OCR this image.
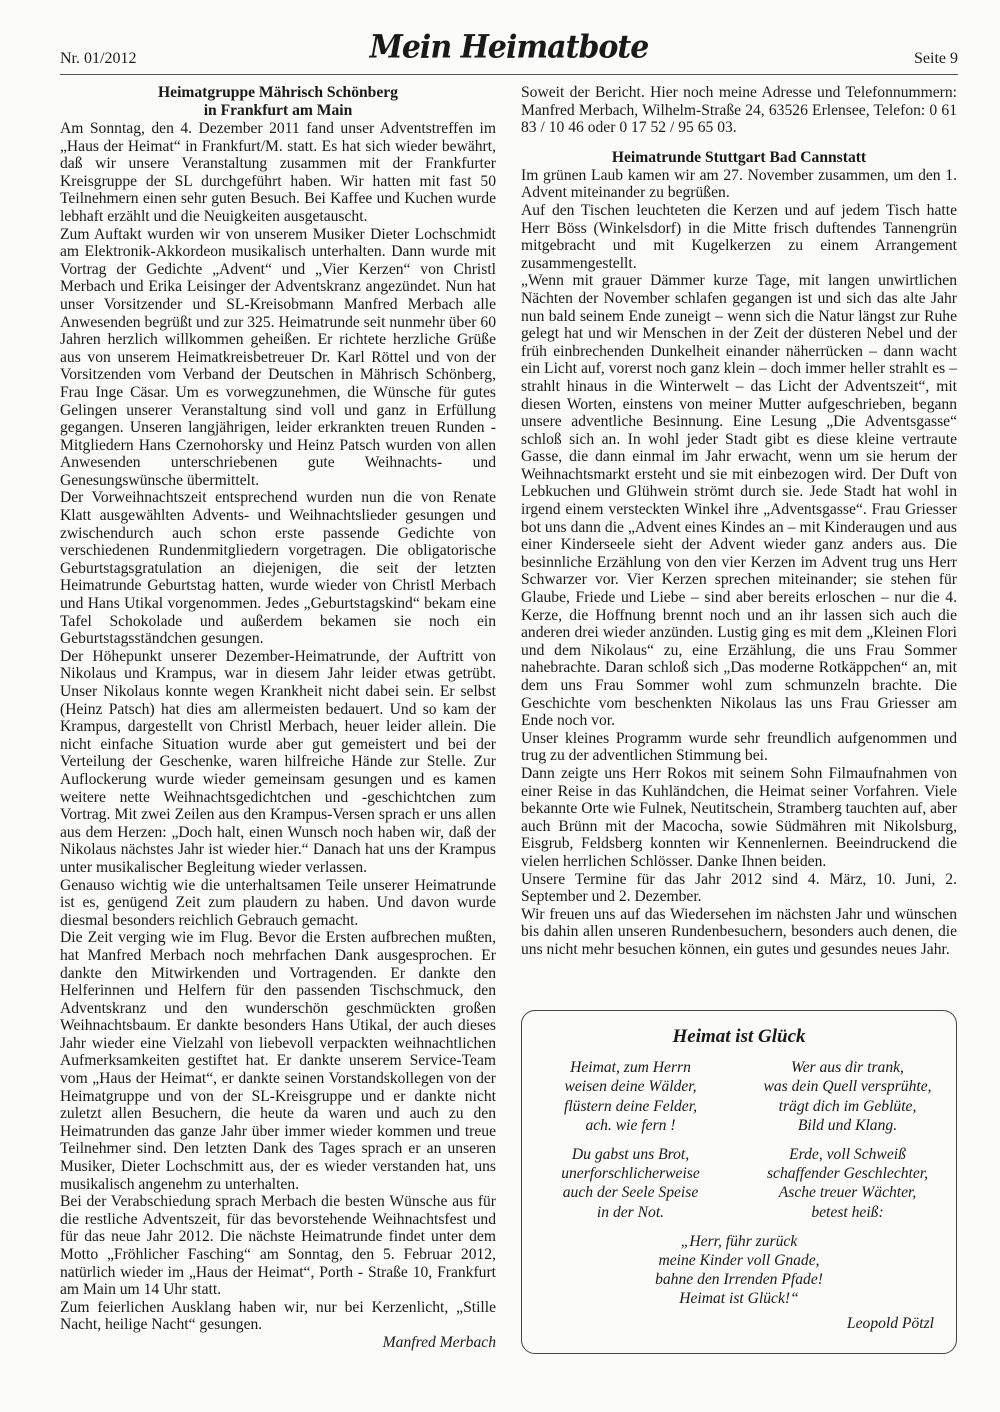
Nr. 01/2012	Mein Heimatbote	Seite 9
Heimatgruppe Mährisch Schönberg
in Frankfurt am Main

Am Sonntag, den 4. Dezember 2011 fand unser Adventstreffen im „Haus der Heimat“ in Frankfurt/M. statt. Es hat sich wieder bewährt, daß wir unsere Veranstaltung zusammen mit der Frankfurter Kreisgruppe der SL durchgeführt haben. Wir hatten mit fast 50 Teilnehmern einen sehr guten Besuch. Bei Kaffee und Kuchen wurde lebhaft erzählt und die Neuigkeiten ausgetauscht.

Zum Auftakt wurden wir von unserem Musiker Dieter Lochschmidt am Elektronik-Akkordeon musikalisch unterhalten. Dann wurde mit Vortrag der Gedichte „Advent“ und „Vier Kerzen“ von Christl Merbach und Erika Leisinger der Adventskranz angezündet. Nun hat unser Vorsitzender und SL-Kreisobmann Manfred Merbach alle Anwesenden begrüßt und zur 325. Heimatrunde seit nunmehr über 60 Jahren herzlich willkommen geheißen. Er richtete herzliche Grüße aus von unserem Heimatkreisbetreuer Dr. Karl Röttel und von der Vorsitzenden vom Verband der Deutschen in Mährisch Schönberg, Frau Inge Cäsar. Um es vorwegzunehmen, die Wünsche für gutes Gelingen unserer Veranstaltung sind voll und ganz in Erfüllung gegangen. Unseren langjährigen, leider erkrankten treuen Runden - Mitgliedern Hans Czernohorsky und Heinz Patsch wurden von allen Anwesenden unterschriebenen gute Weihnachts- und Genesungswünsche übermittelt.

Der Vorweihnachtszeit entsprechend wurden nun die von Renate Klatt ausgewählten Advents- und Weihnachtslieder gesungen und zwischendurch auch schon erste passende Gedichte von verschiedenen Rundenmitgliedern vorgetragen. Die obligatorische Geburtstagsgratulation an diejenigen, die seit der letzten Heimatrunde Geburtstag hatten, wurde wieder von Christl Merbach und Hans Utikal vorgenommen. Jedes „Geburtstagskind“ bekam eine Tafel Schokolade und außerdem bekamen sie noch ein Geburtstagsständchen gesungen.

Der Höhepunkt unserer Dezember-Heimatrunde, der Auftritt von Nikolaus und Krampus, war in diesem Jahr leider etwas getrübt. Unser Nikolaus konnte wegen Krankheit nicht dabei sein. Er selbst (Heinz Patsch) hat dies am allermeisten bedauert. Und so kam der Krampus, dargestellt von Christl Merbach, heuer leider allein. Die nicht einfache Situation wurde aber gut gemeistert und bei der Verteilung der Geschenke, waren hilfreiche Hände zur Stelle. Zur Auflockerung wurde wieder gemeinsam gesungen und es kamen weitere nette Weihnachtsgedichtchen und -geschichtchen zum Vortrag. Mit zwei Zeilen aus den Krampus-Versen sprach er uns allen aus dem Herzen: „Doch halt, einen Wunsch noch haben wir, daß der Nikolaus nächstes Jahr ist wieder hier.“ Danach hat uns der Krampus unter musikalischer Begleitung wieder verlassen.

Genauso wichtig wie die unterhaltsamen Teile unserer Heimatrunde ist es, genügend Zeit zum plaudern zu haben. Und davon wurde diesmal besonders reichlich Gebrauch gemacht.

Die Zeit verging wie im Flug. Bevor die Ersten aufbrechen mußten, hat Manfred Merbach noch mehrfachen Dank ausgesprochen. Er dankte den Mitwirkenden und Vortragenden. Er dankte den Helferinnen und Helfern für den passenden Tischschmuck, den Adventskranz und den wunderschön geschmückten großen Weihnachtsbaum. Er dankte besonders Hans Utikal, der auch dieses Jahr wieder eine Vielzahl von liebevoll verpackten weihnachtlichen Aufmerksamkeiten gestiftet hat. Er dankte unserem Service-Team vom „Haus der Heimat“, er dankte seinen Vorstandskollegen von der Heimatgruppe und von der SL-Kreisgruppe und er dankte nicht zuletzt allen Besuchern, die heute da waren und auch zu den Heimatrunden das ganze Jahr über immer wieder kommen und treue Teilnehmer sind. Den letzten Dank des Tages sprach er an unseren Musiker, Dieter Lochschmitt aus, der es wieder verstanden hat, uns musikalisch angenehm zu unterhalten.

Bei der Verabschiedung sprach Merbach die besten Wünsche aus für die restliche Adventszeit, für das bevorstehende Weihnachtsfest und für das neue Jahr 2012. Die nächste Heimatrunde findet unter dem Motto „Fröhlicher Fasching“ am Sonntag, den 5. Februar 2012, natürlich wieder im „Haus der Heimat“, Porth - Straße 10, Frankfurt am Main um 14 Uhr statt.

Zum feierlichen Ausklang haben wir, nur bei Kerzenlicht, „Stille Nacht, heilige Nacht“ gesungen.

Manfred Merbach

Soweit der Bericht. Hier noch meine Adresse und Telefonnummern: Manfred Merbach, Wilhelm-Straße 24, 63526 Erlensee, Telefon: 0 61 83 / 10 46 oder 0 17 52 / 95 65 03.

Heimatrunde Stuttgart Bad Cannstatt

Im grünen Laub kamen wir am 27. November zusammen, um den 1. Advent miteinander zu begrüßen.

Auf den Tischen leuchteten die Kerzen und auf jedem Tisch hatte Herr Böss (Winkelsdorf) in die Mitte frisch duftendes Tannengrün mitgebracht und mit Kugelkerzen zu einem Arrangement zusammengestellt.

„Wenn mit grauer Dämmer kurze Tage, mit langen unwirtlichen Nächten der November schlafen gegangen ist und sich das alte Jahr nun bald seinem Ende zuneigt – wenn sich die Natur längst zur Ruhe gelegt hat und wir Menschen in der Zeit der düsteren Nebel und der früh einbrechenden Dunkelheit einander näherrücken – dann wacht ein Licht auf, vorerst noch ganz klein – doch immer heller strahlt es – strahlt hinaus in die Winterwelt – das Licht der Adventszeit“, mit diesen Worten, einstens von meiner Mutter aufgeschrieben, begann unsere adventliche Besinnung. Eine Lesung „Die Adventsgasse“ schloß sich an. In wohl jeder Stadt gibt es diese kleine vertraute Gasse, die dann einmal im Jahr erwacht, wenn um sie herum der Weihnachtsmarkt ersteht und sie mit einbezogen wird. Der Duft von Lebkuchen und Glühwein strömt durch sie. Jede Stadt hat wohl in irgend einem versteckten Winkel ihre „Adventsgasse“. Frau Griesser bot uns dann die „Advent eines Kindes an – mit Kinderaugen und aus einer Kinderseele sieht der Advent wieder ganz anders aus. Die besinnliche Erzählung von den vier Kerzen im Advent trug uns Herr Schwarzer vor. Vier Kerzen sprechen miteinander; sie stehen für Glaube, Friede und Liebe – sind aber bereits erloschen – nur die 4. Kerze, die Hoffnung brennt noch und an ihr lassen sich auch die anderen drei wieder anzünden. Lustig ging es mit dem „Kleinen Flori und dem Nikolaus“ zu, eine Erzählung, die uns Frau Sommer nahebrachte. Daran schloß sich „Das moderne Rotkäppchen“ an, mit dem uns Frau Sommer wohl zum schmunzeln brachte. Die Geschichte vom beschenkten Nikolaus las uns Frau Griesser am Ende noch vor.

Unser kleines Programm wurde sehr freundlich aufgenommen und trug zu der adventlichen Stimmung bei.

Dann zeigte uns Herr Rokos mit seinem Sohn Filmaufnahmen von einer Reise in das Kuhländchen, die Heimat seiner Vorfahren. Viele bekannte Orte wie Fulnek, Neutitschein, Stramberg tauchten auf, aber auch Brünn mit der Macocha, sowie Südmähren mit Nikolsburg, Eisgrub, Feldsberg konnten wir Kennenlernen. Beeindruckend die vielen herrlichen Schlösser. Danke Ihnen beiden.

Unsere Termine für das Jahr 2012 sind 4. März, 10. Juni, 2. September und 2. Dezember.

Wir freuen uns auf das Wiedersehen im nächsten Jahr und wünschen bis dahin allen unseren Rundenbesuchern, besonders auch denen, die uns nicht mehr besuchen können, ein gutes und gesundes neues Jahr.

Heimat ist Glück
Heimat, zum Herrn
weisen deine Wälder,
flüstern deine Felder,
ach. wie fern !
Wer aus dir trank,
was dein Quell versprühte,
trägt dich im Geblüte,
Bild und Klang.
Du gabst uns Brot,
unerforschlicherweise
auch der Seele Speise
in der Not.
Erde, voll Schweiß
schaffender Geschlechter,
Asche treuer Wächter,
betest heiß:
„Herr, führ zurück
meine Kinder voll Gnade,
bahne den Irrenden Pfade!
Heimat ist Glück!“
Leopold Pötzl
